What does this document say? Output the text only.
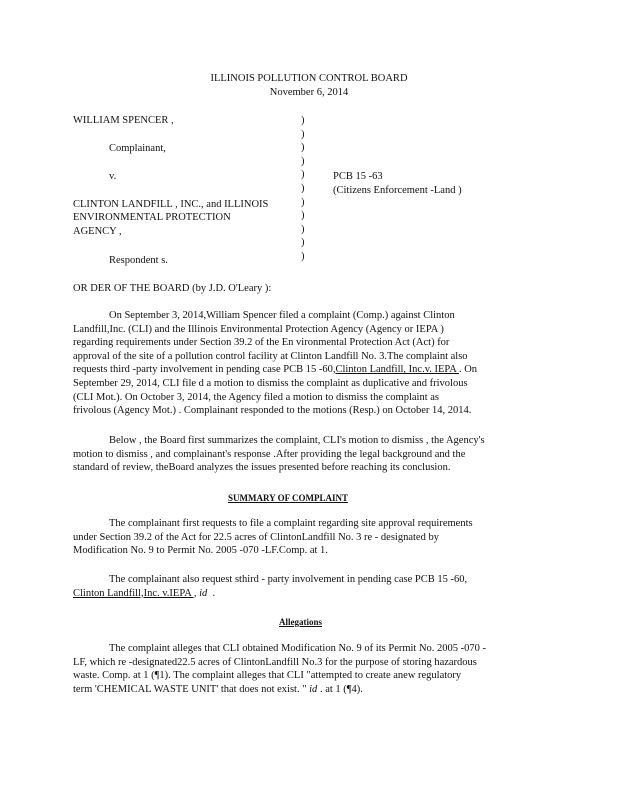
ILLINOIS POLLUTION CONTROL BOARD
November 6, 2014
WILLIAM SPENCER ,
Complainant,
v.
CLINTON LANDFILL , INC., and ILLINOIS
ENVIRONMENTAL PROTECTION
AGENCY ,
Respondent s.
)
)
)
)
)
)
)
)
)
)
)
PCB 15 -63
(Citizens Enforcement -Land )
OR DER OF THE BOARD (by J.D. O'Leary ):
On September 3, 2014,William Spencer filed a complaint (Comp.) against Clinton
Landfill,Inc. (CLI) and the Illinois Environmental Protection Agency (Agency or IEPA )
regarding requirements under Section 39.2 of the En vironmental Protection Act (Act) for
approval of the site of a pollution control facility at Clinton Landfill No. 3.The complaint also
requests third -party involvement in pending case PCB 15 -60,Clinton Landfill, Inc.v. IEPA . On
September 29, 2014, CLI file d a motion to dismiss the complaint as duplicative and frivolous
(CLI Mot.). On October 3, 2014, the Agency filed a motion to dismiss the complaint as
frivolous (Agency Mot.) . Complainant responded to the motions (Resp.) on October 14, 2014.
Below , the Board first summarizes the complaint, CLI's motion to dismiss , the Agency's
motion to dismiss , and complainant's response .After providing the legal background and the
standard of review, theBoard analyzes the issues presented before reaching its conclusion.
SUMMARY OF COMPLAINT
The complainant first requests to file a complaint regarding site approval requirements
under Section 39.2 of the Act for 22.5 acres of ClintonLandfill No. 3 re - designated by
Modification No. 9 to Permit No. 2005 -070 -LF.Comp. at 1.
The complainant also request sthird - party involvement in pending case PCB 15 -60,
Clinton Landfill,Inc. v.IEPA , id .
Allegations
The complaint alleges that CLI obtained Modification No. 9 of its Permit No. 2005 -070 -
LF, which re -designated22.5 acres of ClintonLandfill No.3 for the purpose of storing hazardous
waste. Comp. at 1 (¶1). The complaint alleges that CLI "attempted to create anew regulatory
term 'CHEMICAL WASTE UNIT' that does not exist. " id . at 1 (¶4).
